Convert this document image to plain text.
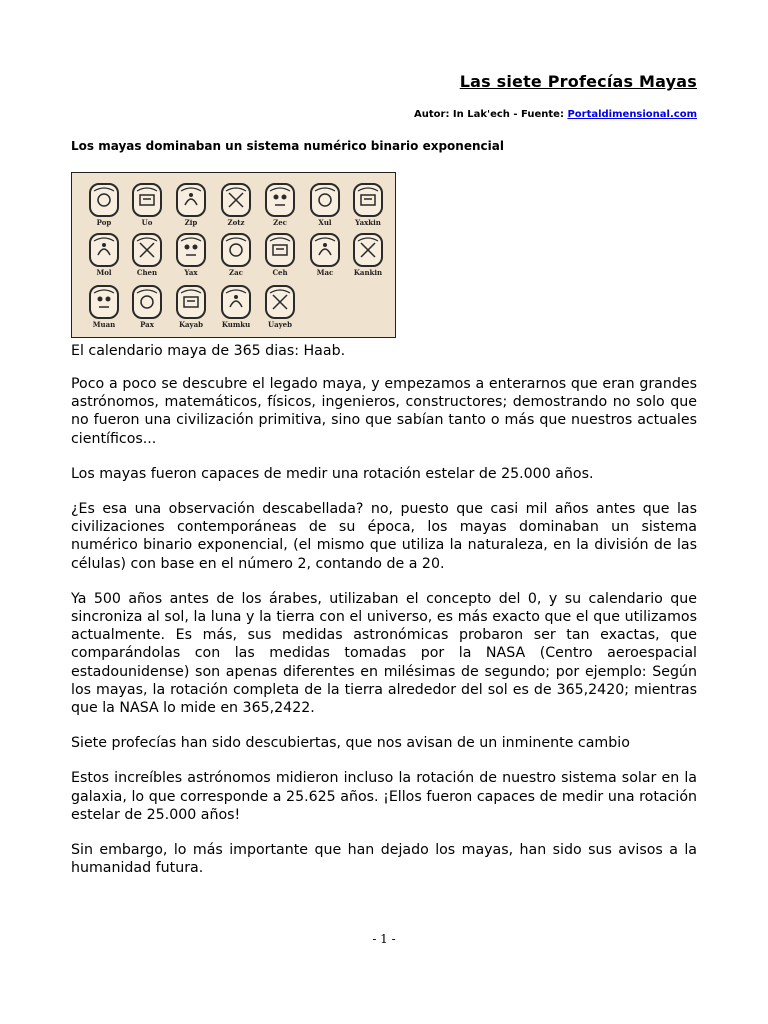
Las siete Profecías Mayas
Autor: In Lak'ech - Fuente: Portaldimensional.com
Los mayas dominaban un sistema numérico binario exponencial
Pop	Uo	Zip	Zotz	Zec	Xul	Yaxkin
Mol	Chen	Yax	Zac	Ceh	Mac	Kankin
Muan	Pax	Kayab	Kumku	Uayeb
El calendario maya de 365 dias: Haab.

Poco a poco se descubre el legado maya, y empezamos a enterarnos que eran grandes astrónomos, matemáticos, físicos, ingenieros, constructores; demostrando no solo que no fueron una civilización primitiva, sino que sabían tanto o más que nuestros actuales científicos...

Los mayas fueron capaces de medir una rotación estelar de 25.000 años.

¿Es esa una observación descabellada? no, puesto que casi mil años antes que las civilizaciones contemporáneas de su época, los mayas dominaban un sistema numérico binario exponencial, (el mismo que utiliza la naturaleza, en la división de las células) con base en el número 2, contando de a 20.

Ya 500 años antes de los árabes, utilizaban el concepto del 0, y su calendario que sincroniza al sol, la luna y la tierra con el universo, es más exacto que el que utilizamos actualmente. Es más, sus medidas astronómicas probaron ser tan exactas, que comparándolas con las medidas tomadas por la NASA (Centro aeroespacial estadounidense) son apenas diferentes en milésimas de segundo; por ejemplo: Según los mayas, la rotación completa de la tierra alrededor del sol es de 365,2420; mientras que la NASA lo mide en 365,2422.

Siete profecías han sido descubiertas, que nos avisan de un inminente cambio

Estos increíbles astrónomos midieron incluso la rotación de nuestro sistema solar en la galaxia, lo que corresponde a 25.625 años. ¡Ellos fueron capaces de medir una rotación estelar de 25.000 años!

Sin embargo, lo más importante que han dejado los mayas, han sido sus avisos a la humanidad futura.

- 1 -
